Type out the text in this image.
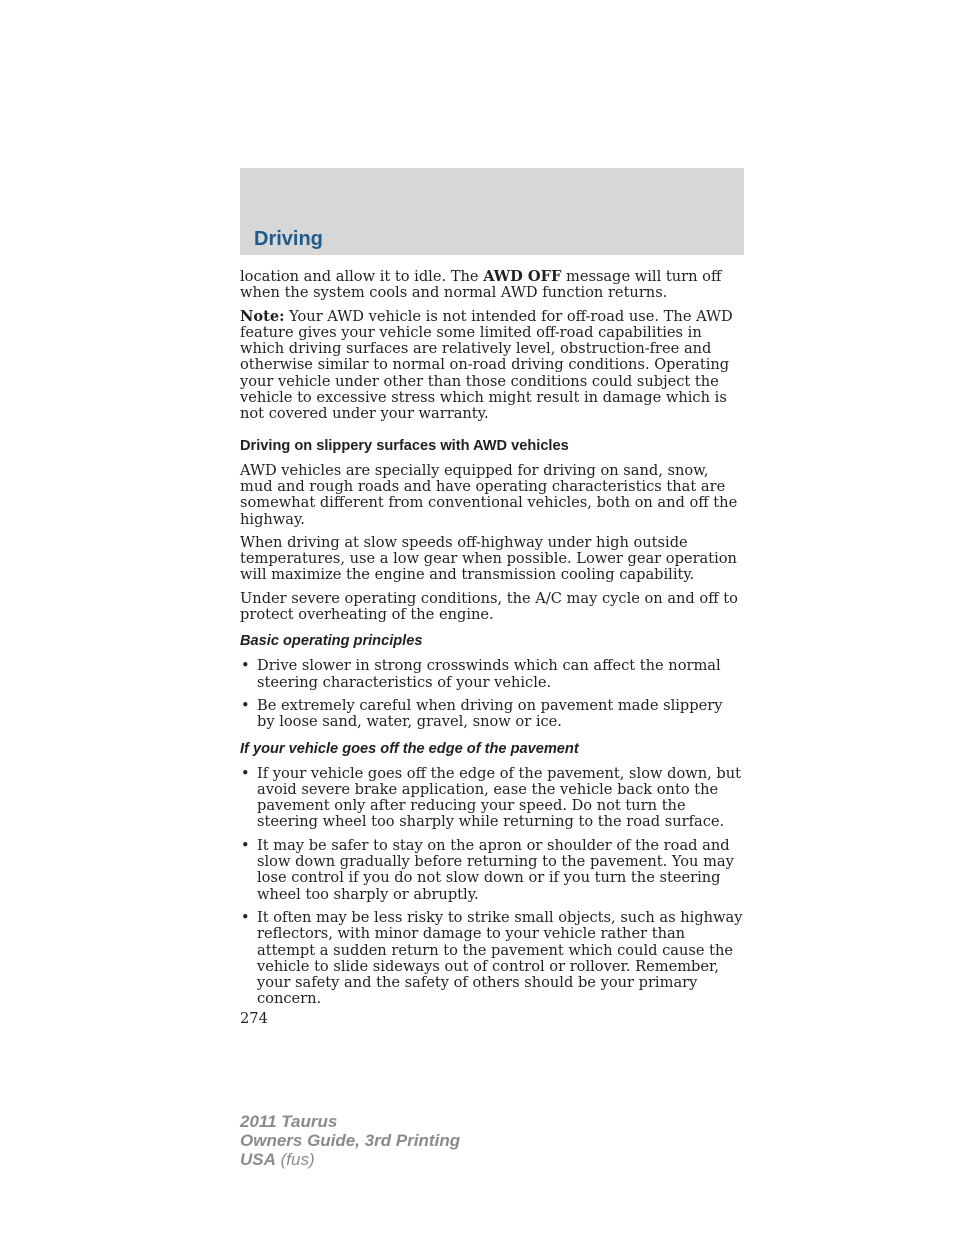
Driving

location and allow it to idle. The AWD OFF message will turn off when the system cools and normal AWD function returns.

Note: Your AWD vehicle is not intended for off-road use. The AWD feature gives your vehicle some limited off-road capabilities in which driving surfaces are relatively level, obstruction-free and otherwise similar to normal on-road driving conditions. Operating your vehicle under other than those conditions could subject the vehicle to excessive stress which might result in damage which is not covered under your warranty.

Driving on slippery surfaces with AWD vehicles

AWD vehicles are specially equipped for driving on sand, snow, mud and rough roads and have operating characteristics that are somewhat different from conventional vehicles, both on and off the highway.

When driving at slow speeds off-highway under high outside temperatures, use a low gear when possible. Lower gear operation will maximize the engine and transmission cooling capability.

Under severe operating conditions, the A/C may cycle on and off to protect overheating of the engine.

Basic operating principles
• Drive slower in strong crosswinds which can affect the normal steering characteristics of your vehicle.
• Be extremely careful when driving on pavement made slippery by loose sand, water, gravel, snow or ice.
If your vehicle goes off the edge of the pavement
• If your vehicle goes off the edge of the pavement, slow down, but avoid severe brake application, ease the vehicle back onto the pavement only after reducing your speed. Do not turn the steering wheel too sharply while returning to the road surface.
• It may be safer to stay on the apron or shoulder of the road and slow down gradually before returning to the pavement. You may lose control if you do not slow down or if you turn the steering wheel too sharply or abruptly.
• It often may be less risky to strike small objects, such as highway reflectors, with minor damage to your vehicle rather than attempt a sudden return to the pavement which could cause the vehicle to slide sideways out of control or rollover. Remember, your safety and the safety of others should be your primary concern.
274
2011 Taurus
Owners Guide, 3rd Printing
USA (fus)
